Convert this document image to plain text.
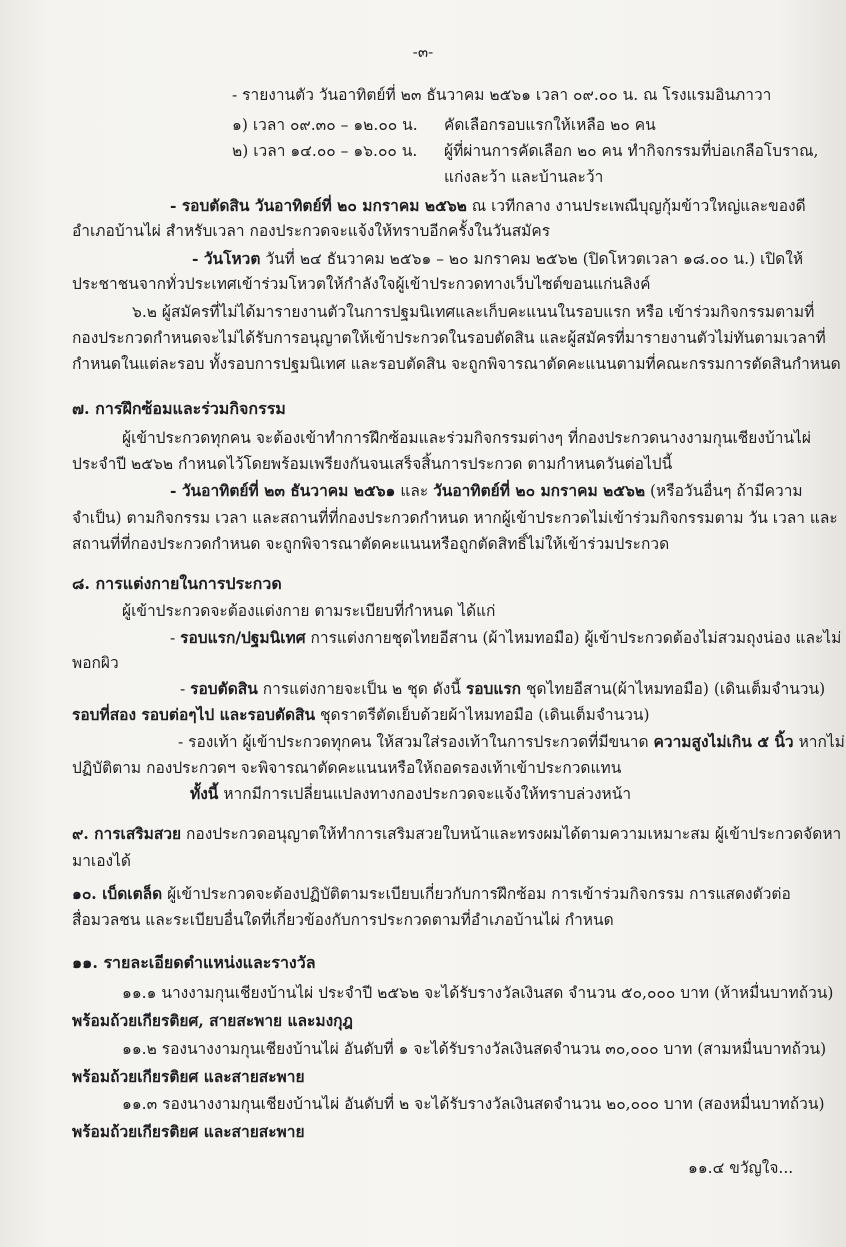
-๓-
- รายงานตัว วันอาทิตย์ที่ ๒๓ ธันวาคม ๒๕๖๑ เวลา ๐๙.๐๐ น. ณ โรงแรมอินภาวา
๑) เวลา ๐๙.๓๐ – ๑๒.๐๐ น. คัดเลือกรอบแรกให้เหลือ ๒๐ คน
๒) เวลา ๑๔.๐๐ – ๑๖.๐๐ น. ผู้ที่ผ่านการคัดเลือก ๒๐ คน ทำกิจกรรมที่บ่อเกลือโบราณ,
แก่งละว้า และบ้านละว้า
- รอบตัดสิน วันอาทิตย์ที่ ๒๐ มกราคม ๒๕๖๒ ณ เวทีกลาง งานประเพณีบุญกุ้มข้าวใหญ่และของดี
อำเภอบ้านไผ่ สำหรับเวลา กองประกวดจะแจ้งให้ทราบอีกครั้งในวันสมัคร
- วันโหวต วันที่ ๒๔ ธันวาคม ๒๕๖๑ – ๒๐ มกราคม ๒๕๖๒ (ปิดโหวตเวลา ๑๘.๐๐ น.) เปิดให้
ประชาชนจากทั่วประเทศเข้าร่วมโหวตให้กำลังใจผู้เข้าประกวดทางเว็บไซต์ขอนแก่นลิงค์
๖.๒ ผู้สมัครที่ไม่ได้มารายงานตัวในการปฐมนิเทศและเก็บคะแนนในรอบแรก หรือ เข้าร่วมกิจกรรมตามที่
กองประกวดกำหนดจะไม่ได้รับการอนุญาตให้เข้าประกวดในรอบตัดสิน และผู้สมัครที่มารายงานตัวไม่ทันตามเวลาที่
กำหนดในแต่ละรอบ ทั้งรอบการปฐมนิเทศ และรอบตัดสิน จะถูกพิจารณาตัดคะแนนตามที่คณะกรรมการตัดสินกำหนด
๗. การฝึกซ้อมและร่วมกิจกรรม
ผู้เข้าประกวดทุกคน จะต้องเข้าทำการฝึกซ้อมและร่วมกิจกรรมต่างๆ ที่กองประกวดนางงามกุนเชียงบ้านไผ่
ประจำปี ๒๕๖๒ กำหนดไว้โดยพร้อมเพรียงกันจนเสร็จสิ้นการประกวด ตามกำหนดวันต่อไปนี้
- วันอาทิตย์ที่ ๒๓ ธันวาคม ๒๕๖๑ และ วันอาทิตย์ที่ ๒๐ มกราคม ๒๕๖๒ (หรือวันอื่นๆ ถ้ามีความ
จำเป็น) ตามกิจกรรม เวลา และสถานที่ที่กองประกวดกำหนด หากผู้เข้าประกวดไม่เข้าร่วมกิจกรรมตาม วัน เวลา และ
สถานที่ที่กองประกวดกำหนด จะถูกพิจารณาตัดคะแนนหรือถูกตัดสิทธิ์ไม่ให้เข้าร่วมประกวด
๘. การแต่งกายในการประกวด
ผู้เข้าประกวดจะต้องแต่งกาย ตามระเบียบที่กำหนด ได้แก่
- รอบแรก/ปฐมนิเทศ การแต่งกายชุดไทยอีสาน (ผ้าไหมทอมือ) ผู้เข้าประกวดต้องไม่สวมถุงน่อง และไม่
พอกผิว
- รอบตัดสิน การแต่งกายจะเป็น ๒ ชุด ดังนี้ รอบแรก ชุดไทยอีสาน(ผ้าไหมทอมือ) (เดินเต็มจำนวน)
รอบที่สอง รอบต่อๆไป และรอบตัดสิน ชุดราตรีตัดเย็บด้วยผ้าไหมทอมือ (เดินเต็มจำนวน)
- รองเท้า ผู้เข้าประกวดทุกคน ให้สวมใส่รองเท้าในการประกวดที่มีขนาด ความสูงไม่เกิน ๕ นิ้ว หากไม่
ปฏิบัติตาม กองประกวดฯ จะพิจารณาตัดคะแนนหรือให้ถอดรองเท้าเข้าประกวดแทน
ทั้งนี้ หากมีการเปลี่ยนแปลงทางกองประกวดจะแจ้งให้ทราบล่วงหน้า
๙. การเสริมสวย กองประกวดอนุญาตให้ทำการเสริมสวยใบหน้าและทรงผมได้ตามความเหมาะสม ผู้เข้าประกวดจัดหา
มาเองได้
๑๐. เบ็ดเตล็ด ผู้เข้าประกวดจะต้องปฏิบัติตามระเบียบเกี่ยวกับการฝึกซ้อม การเข้าร่วมกิจกรรม การแสดงตัวต่อ
สื่อมวลชน และระเบียบอื่นใดที่เกี่ยวข้องกับการประกวดตามที่อำเภอบ้านไผ่ กำหนด
๑๑. รายละเอียดตำแหน่งและรางวัล
๑๑.๑ นางงามกุนเชียงบ้านไผ่ ประจำปี ๒๕๖๒ จะได้รับรางวัลเงินสด จำนวน ๕๐,๐๐๐ บาท (ห้าหมื่นบาทถ้วน)
พร้อมถ้วยเกียรติยศ, สายสะพาย และมงกุฎ
๑๑.๒ รองนางงามกุนเชียงบ้านไผ่ อันดับที่ ๑ จะได้รับรางวัลเงินสดจำนวน ๓๐,๐๐๐ บาท (สามหมื่นบาทถ้วน)
พร้อมถ้วยเกียรติยศ และสายสะพาย
๑๑.๓ รองนางงามกุนเชียงบ้านไผ่ อันดับที่ ๒ จะได้รับรางวัลเงินสดจำนวน ๒๐,๐๐๐ บาท (สองหมื่นบาทถ้วน)
พร้อมถ้วยเกียรติยศ และสายสะพาย
๑๑.๔ ขวัญใจ...
